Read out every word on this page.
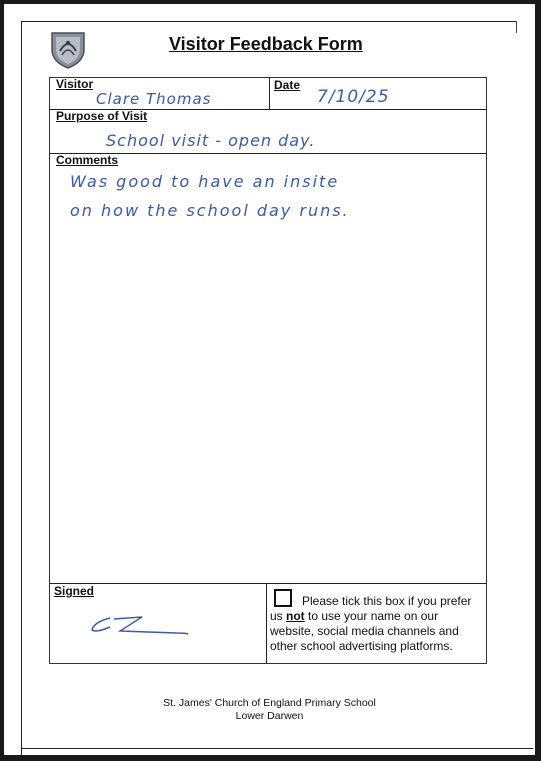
Visitor Feedback Form
Visitor	Date
Purpose of Visit
Comments
Signed
Clare Thomas	7/10/25
School visit - open day.
Was good to have an insite
on how the school day runs.
Please tick this box if you prefer
us not to use your name on our
website, social media channels and
other school advertising platforms.
St. James' Church of England Primary School
Lower Darwen
